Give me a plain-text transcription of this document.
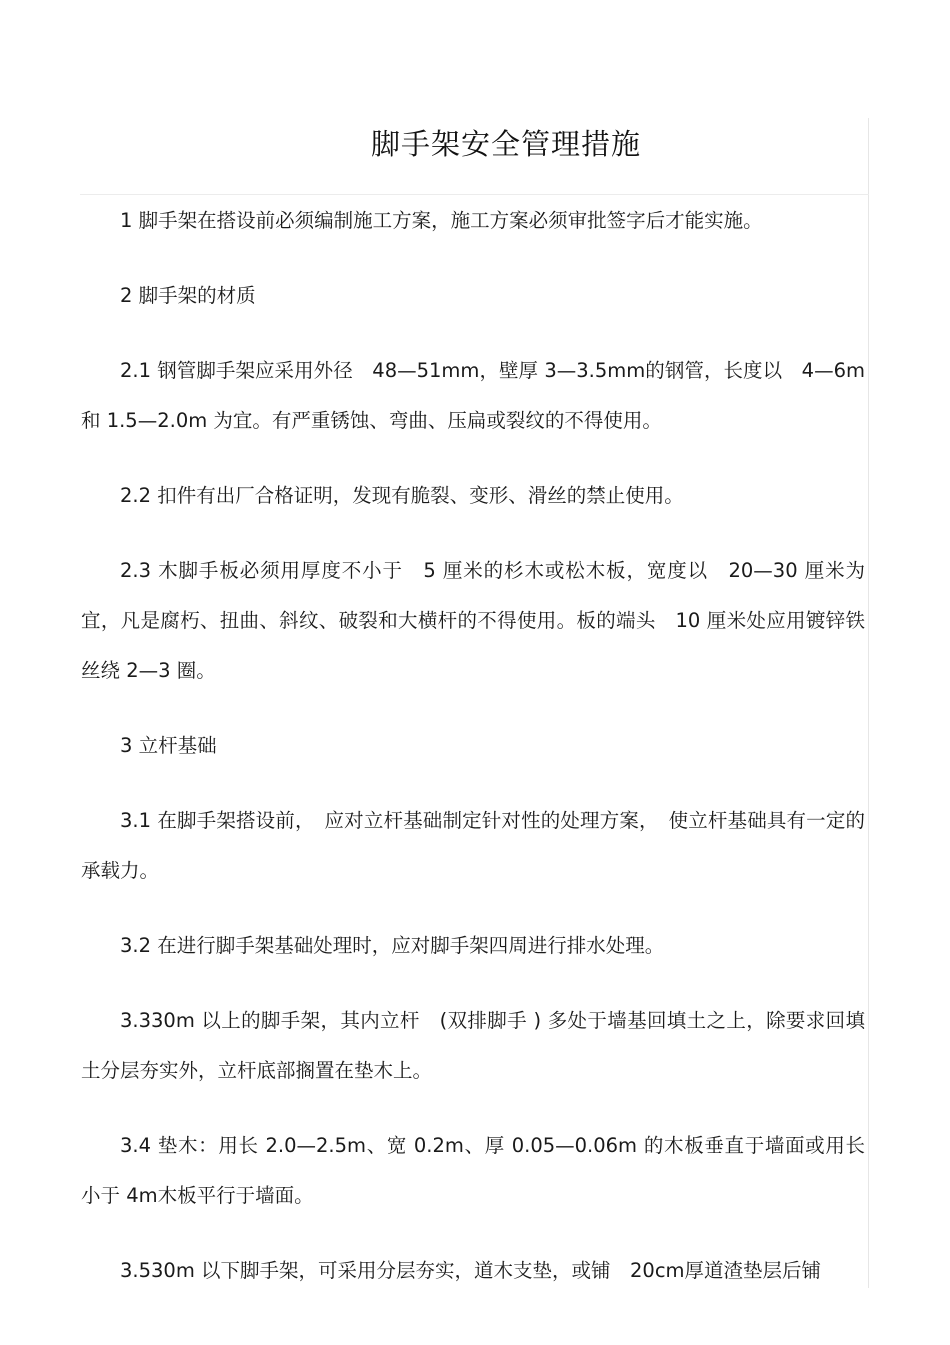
脚手架安全管理措施

1 脚手架在搭设前必须编制施工方案，施工方案必须审批签字后才能实施。

2 脚手架的材质

2.1 钢管脚手架应采用外径　48—51mm，壁厚 3—3.5mm的钢管，长度以　4—6m 和 1.5—2.0m 为宜。有严重锈蚀、弯曲、压扁或裂纹的不得使用。

2.2 扣件有出厂合格证明，发现有脆裂、变形、滑丝的禁止使用。

2.3 木脚手板必须用厚度不小于　5 厘米的杉木或松木板，宽度以　20—30 厘米为宜，凡是腐朽、扭曲、斜纹、破裂和大横杆的不得使用。板的端头　10 厘米处应用镀锌铁丝绕 2—3 圈。

3 立杆基础

3.1 在脚手架搭设前，　应对立杆基础制定针对性的处理方案，　使立杆基础具有一定的承载力。

3.2 在进行脚手架基础处理时，应对脚手架四周进行排水处理。

3.330m 以上的脚手架，其内立杆　(双排脚手 ) 多处于墙基回填土之上，除要求回填土分层夯实外，立杆底部搁置在垫木上。

3.4 垫木：用长 2.0—2.5m、宽 0.2m、厚 0.05—0.06m 的木板垂直于墙面或用长小于 4m木板平行于墙面。

3.530m 以下脚手架，可采用分层夯实，道木支垫，或铺　20cm厚道渣垫层后铺
